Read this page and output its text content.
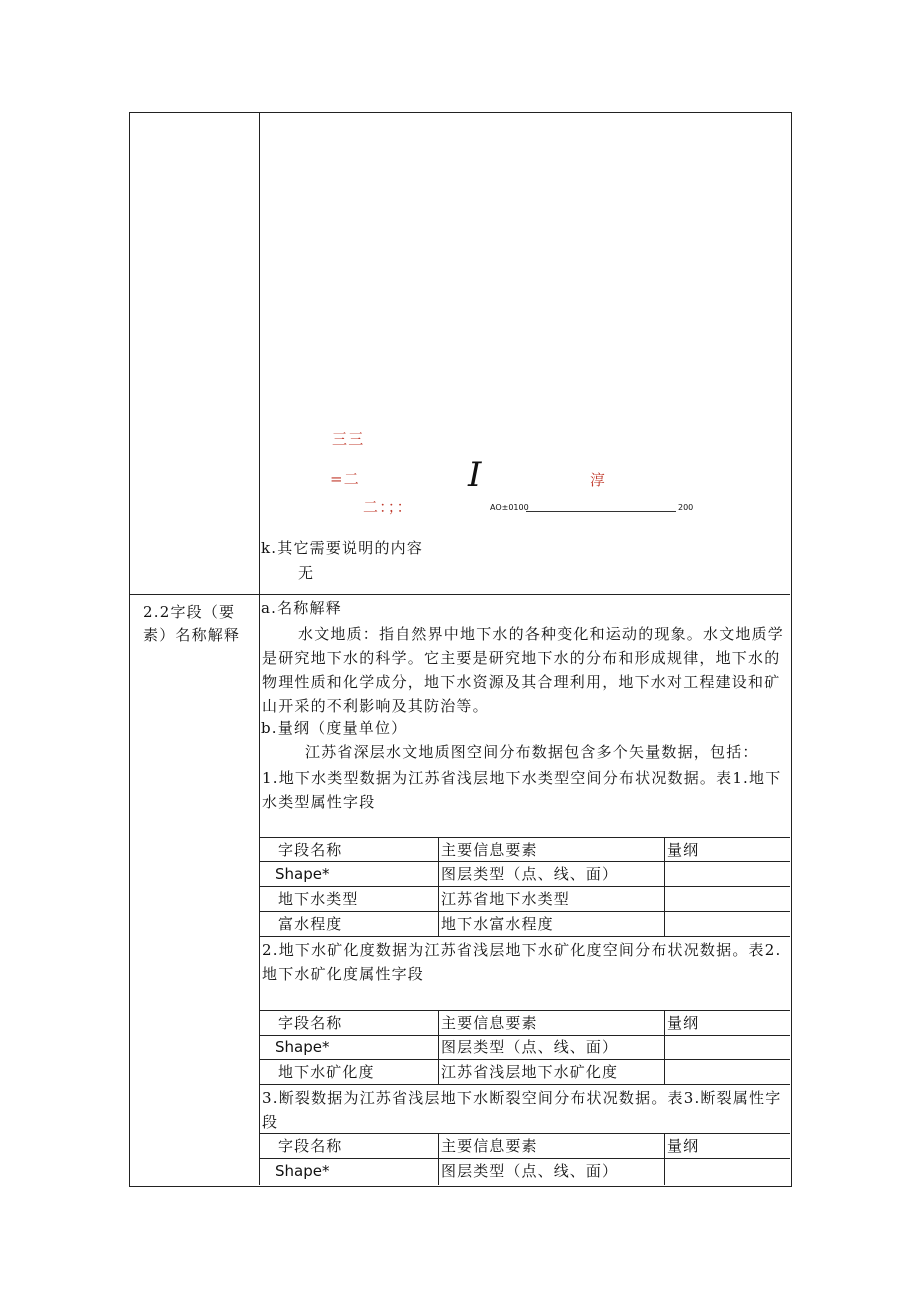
三三
=二	I	淳
二：；：	AO±0100	200
k.其它需要说明的内容
无
2.2字段（要素）名称解释
a.名称解释
水文地质：指自然界中地下水的各种变化和运动的现象。水文地质学是研究地下水的科学。它主要是研究地下水的分布和形成规律，地下水的物理性质和化学成分，地下水资源及其合理利用，地下水对工程建设和矿山开采的不利影响及其防治等。
b.量纲（度量单位）
江苏省深层水文地质图空间分布数据包含多个矢量数据，包括：
1.地下水类型数据为江苏省浅层地下水类型空间分布状况数据。表1.地下水类型属性字段
字段名称	主要信息要素	量纲
Shape*	图层类型（点、线、面）
地下水类型	江苏省地下水类型
富水程度	地下水富水程度
2.地下水矿化度数据为江苏省浅层地下水矿化度空间分布状况数据。表2.地下水矿化度属性字段
字段名称	主要信息要素	量纲
Shape*	图层类型（点、线、面）
地下水矿化度	江苏省浅层地下水矿化度
3.断裂数据为江苏省浅层地下水断裂空间分布状况数据。表3.断裂属性字段
字段名称	主要信息要素	量纲
Shape*	图层类型（点、线、面）
